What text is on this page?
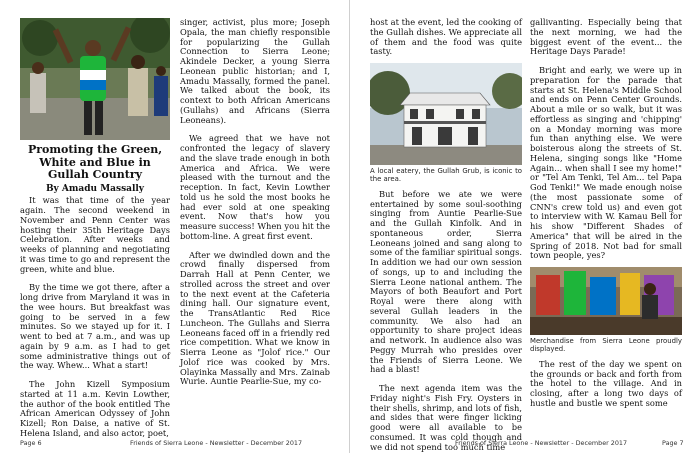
Promoting the Green, White and Blue in Gullah Country
By Amadu Massally

It was that time of the year again. The second weekend in November and Penn Center was hosting their 35th Heritage Days Celebration. After weeks and weeks of planning and negotiating it was time to go and represent the green, white and blue.

By the time we got there, after a long drive from Maryland it was in the wee hours. But breakfast was going to be served in a few minutes. So we stayed up for it. I went to bed at 7 a.m., and was up again by 9 a.m. as I had to get some administrative things out of the way. Whew... What a start!

The John Kizell Symposium started at 11 a.m. Kevin Lowther, the author of the book entitled The African American Odyssey of John Kizell; Ron Daise, a native of St. Helena Island, and also actor, poet,

singer, activist, plus more; Joseph Opala, the man chiefly responsible for popularizing the Gullah Connection to Sierra Leone; Akindele Decker, a young Sierra Leonean public historian; and I, Amadu Massally, formed the panel. We talked about the book, its context to both African Americans (Gullahs) and Africans (Sierra Leoneans).

We agreed that we have not confronted the legacy of slavery and the slave trade enough in both America and Africa. We were pleased with the turnout and the reception. In fact, Kevin Lowther told us he sold the most books he had ever sold at one speaking event. Now that's how you measure success! When you hit the bottom-line. A great first event.

After we dwindled down and the crowd finally dispersed from Darrah Hall at Penn Center, we strolled across the street and over to the next event at the Cafeteria dining hall. Our signature event, the TransAtlantic Red Rice Luncheon. The Gullahs and Sierra Leoneans faced off in a friendly red rice competition. What we know in Sierra Leone as "Jolof rice." Our Jolof rice was cooked by Mrs. Olayinka Massally and Mrs. Zainab Wurie. Auntie Pearlie-Sue, my co-

Page 6	Friends of Sierra Leone - Newsletter - December 2017

host at the event, led the cooking of the Gullah dishes. We appreciate all of them and the food was quite tasty.

A local eatery, the Gullah Grub, is iconic to the area.

But before we ate we were entertained by some soul-soothing singing from Auntie Pearlie-Sue and the Gullah Kinfolk. And in spontaneous order, Sierra Leoneans joined and sang along to some of the familiar spiritual songs. In addition we had our own session of songs, up to and including the Sierra Leone national anthem. The Mayors of both Beaufort and Port Royal were there along with several Gullah leaders in the community. We also had an opportunity to share project ideas and network. In audience also was Peggy Murrah who presides over the Friends of Sierra Leone. We had a blast!

The next agenda item was the Friday night's Fish Fry. Oysters in their shells, shrimp, and lots of fish, and sides that were finger licking good were all available to be consumed. It was cold though and we did not spend too much time

gallivanting. Especially being that the next morning, we had the biggest event of the event... the Heritage Days Parade!

Bright and early, we were up in preparation for the parade that starts at St. Helena's Middle School and ends on Penn Center Grounds. About a mile or so walk, but it was effortless as singing and 'chipping' on a Monday morning was more fun than anything else. We were boisterous along the streets of St. Helena, singing songs like "Home Again... when shall I see my home!" or "Tel Am Tenki, Tel Am... tel Papa God Tenki!" We made enough noise (the most passionate some of CNN's crew told us) and even got to interview with W. Kamau Bell for his show "Different Shades of America" that will be aired in the Spring of 2018. Not bad for small town people, yes?

Merchandise from Sierra Leone proudly displayed.

The rest of the day we spent on the grounds or back and forth from the hotel to the village. And in closing, after a long two days of hustle and bustle we spent some

Friends of Sierra Leone - Newsletter - December 2017	Page 7
